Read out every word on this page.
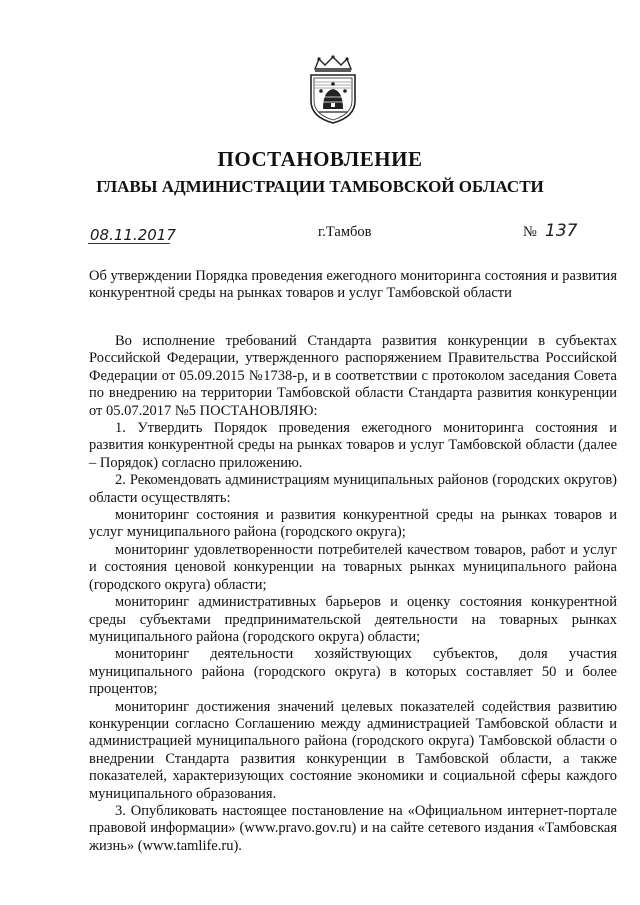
ПОСТАНОВЛЕНИЕ
ГЛАВЫ АДМИНИСТРАЦИИ ТАМБОВСКОЙ ОБЛАСТИ
08.11.2017	г.Тамбов	№ 137

Об утверждении Порядка проведения ежегодного мониторинга состояния и развития конкурентной среды на рынках товаров и услуг Тамбовской области

Во исполнение требований Стандарта развития конкуренции в субъектах Российской Федерации, утвержденного распоряжением Правительства Российской Федерации от 05.09.2015 №1738-р, и в соответствии с протоколом заседания Совета по внедрению на территории Тамбовской области Стандарта развития конкуренции от 05.07.2017 №5 ПОСТАНОВЛЯЮ:

1. Утвердить Порядок проведения ежегодного мониторинга состояния и развития конкурентной среды на рынках товаров и услуг Тамбовской области (далее – Порядок) согласно приложению.

2. Рекомендовать администрациям муниципальных районов (городских округов) области осуществлять:

мониторинг состояния и развития конкурентной среды на рынках товаров и услуг муниципального района (городского округа);

мониторинг удовлетворенности потребителей качеством товаров, работ и услуг и состояния ценовой конкуренции на товарных рынках муниципального района (городского округа) области;

мониторинг административных барьеров и оценку состояния конкурентной среды субъектами предпринимательской деятельности на товарных рынках муниципального района (городского округа) области;

мониторинг деятельности хозяйствующих субъектов, доля участия муниципального района (городского округа) в которых составляет 50 и более процентов;

мониторинг достижения значений целевых показателей содействия развитию конкуренции согласно Соглашению между администрацией Тамбовской области и администрацией муниципального района (городского округа) Тамбовской области о внедрении Стандарта развития конкуренции в Тамбовской области, а также показателей, характеризующих состояние экономики и социальной сферы каждого муниципального образования.

3. Опубликовать настоящее постановление на «Официальном интернет-портале правовой информации» (www.pravo.gov.ru) и на сайте сетевого издания «Тамбовская жизнь» (www.tamlife.ru).
